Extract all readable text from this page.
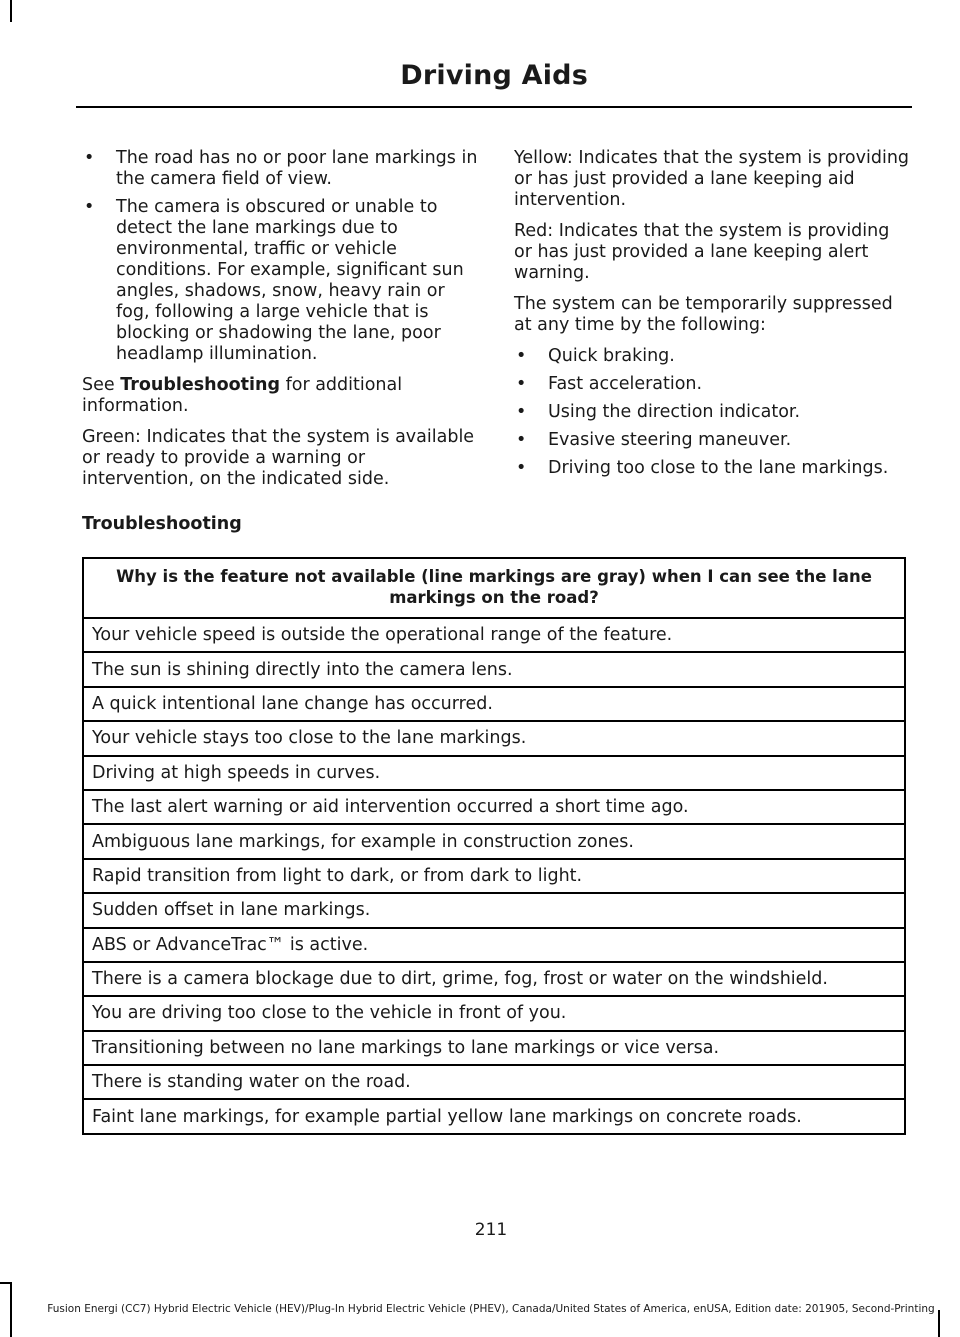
Driving Aids
• The road has no or poor lane markings in the camera field of view.
• The camera is obscured or unable to detect the lane markings due to environmental, traffic or vehicle conditions. For example, significant sun angles, shadows, snow, heavy rain or fog, following a large vehicle that is blocking or shadowing the lane, poor headlamp illumination.

See Troubleshooting for additional information.

Green: Indicates that the system is available or ready to provide a warning or intervention, on the indicated side.

Yellow: Indicates that the system is providing or has just provided a lane keeping aid intervention.

Red: Indicates that the system is providing or has just provided a lane keeping alert warning.

The system can be temporarily suppressed at any time by the following:

• Quick braking.
• Fast acceleration.
• Using the direction indicator.
• Evasive steering maneuver.
• Driving too close to the lane markings.
Troubleshooting
Why is the feature not available (line markings are gray) when I can see the lane markings on the road?
Your vehicle speed is outside the operational range of the feature.
The sun is shining directly into the camera lens.
A quick intentional lane change has occurred.
Your vehicle stays too close to the lane markings.
Driving at high speeds in curves.
The last alert warning or aid intervention occurred a short time ago.
Ambiguous lane markings, for example in construction zones.
Rapid transition from light to dark, or from dark to light.
Sudden offset in lane markings.
ABS or AdvanceTrac™ is active.
There is a camera blockage due to dirt, grime, fog, frost or water on the windshield.
You are driving too close to the vehicle in front of you.
Transitioning between no lane markings to lane markings or vice versa.
There is standing water on the road.
Faint lane markings, for example partial yellow lane markings on concrete roads.
211
Fusion Energi (CC7) Hybrid Electric Vehicle (HEV)/Plug-In Hybrid Electric Vehicle (PHEV), Canada/United States of America, enUSA, Edition date: 201905, Second-Printing
